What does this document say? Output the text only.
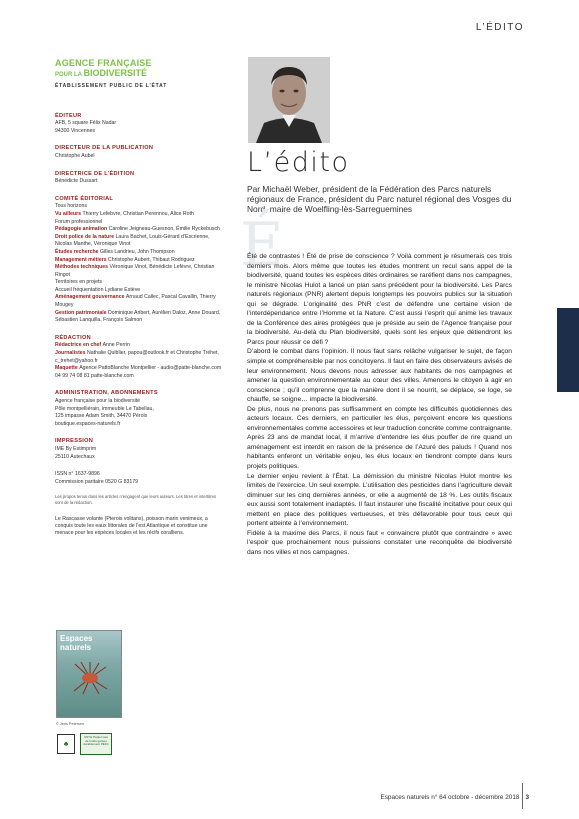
L’ÉDITO
AGENCE FRANÇAISE
POUR LA BIODIVERSITÉ
ÉTABLISSEMENT PUBLIC DE L’ÉTAT
ÉDITEUR
AFB, 5 square Félix Nadar
94300 Vincennes
DIRECTEUR DE LA PUBLICATION
Christophe Aubel
DIRECTRICE DE L’ÉDITION
Bénédicte Dussart
COMITÉ ÉDITORIAL
Tous horizons
Vu ailleurs Thierry Lefebvre, Christian Perennou, Alice Roth
Forum professionnel
Pédagogie animation Caroline Jeigneau-Guesnon, Émilie Ryckebusch
Droit police de la nature Laura Bachet, Louis-Gérard d’Escrienne, Nicolas Manthe, Véronique Vinot
Études recherche Gilles Landrieu, John Thompson
Management métiers Christophe Aubert, Thibaut Rodriguez
Méthodes techniques Véronique Vinot, Bénédicte Lefèvre, Christian Ringot
Territoires en projets
Accueil fréquentation Lydiane Estève
Aménagement gouvernance Arnaud Callec, Pascal Cavallin, Thierry Mougey
Gestion patrimoniale Dominique Aribert, Aurélien Daloz, Anne Douard, Sébastien Lanquilla, François Salmon
RÉDACTION
Rédactrice en chef Anne Perrin
Journalistes Nathalie Quiblier, papou@outlook.fr et Christophe Tréhet, c_trehet@yahoo.fr
Maquette Agence PattoBlanche Montpellier - audio@patte-blanche.com 04 99 74 08 81 patte-blanche.com
ADMINISTRATION, ABONNEMENTS
Agence française pour la biodiversité
Pôle montpelliérain, immeuble Le Tabellau,
125 impasse Adam Smith, 34470 Pérols
boutique.espaces-naturels.fr
IMPRESSION
IME By Estimprim
25110 Autechaux
ISSN n° 1637-9896
Commission paritaire 0520 G 83179
Les propos tenus dans les articles n’engagent que leurs auteurs. Les titres et intertitres sont de la rédaction.
Le Rascasse volante (Pterois volitans), poisson marin venimeux, a conquis toute les eaux littorales de l’est Atlantique et constitue une menace pour les espèces locales et les récifs coralliens.
Espaces naturels
© Jens Petersen
♣
ANTIL Papier issu de forêts gérées durablement PEFC
L’édito
Par Michaël Weber, président de la Fédération des Parcs naturels régionaux de France, président du Parc naturel régional des Vosges du Nord, maire de Woelfling-lès-Sarreguemines
É

Été de contrastes ! Été de prise de conscience ? Voilà comment je résumerais ces trois derniers mois. Alors même que toutes les études montrent un recul sans appel de la biodiversité, quand toutes les espèces dites ordinaires se raréfient dans nos campagnes, le ministre Nicolas Hulot a lancé un plan sans précédent pour la biodiversité. Les Parcs naturels régionaux (PNR) alertent depuis longtemps les pouvoirs publics sur la situation qui se dégrade. L’originalité des PNR c’est de défendre une certaine vision de l’interdépendance entre l’Homme et la Nature. C’est aussi l’esprit qui anime les travaux de la Conférence des aires protégées que je préside au sein de l’Agence française pour la biodiversité. Au-delà du Plan biodiversité, quels sont les enjeux que détiendront les Parcs pour réussir ce défi ?

D’abord le combat dans l’opinion. Il nous faut sans relâche vulgariser le sujet, de façon simple et compréhensible par nos concitoyens. Il faut en faire des observateurs avisés de leur environnement. Nous devons nous adresser aux habitants de nos campagnes et amener la question environnementale au cœur des villes. Amenons le citoyen à agir en conscience ; qu’il comprenne que la manière dont il se nourrit, se déplace, se loge, se chauffe, se soigne… impacte la biodiversité.

De plus, nous ne prenons pas suffisamment en compte les difficultés quotidiennes des acteurs locaux. Ces derniers, en particulier les élus, perçoivent encore les questions environnementales comme accessoires et leur traduction concrète comme contraignante. Après 23 ans de mandat local, il m’arrive d’entendre les élus pouffer de rire quand un aménagement est interdit en raison de la présence de l’Azuré des paluds ! Quand nos habitants enferont un véritable enjeu, les élus locaux en tiendront compte dans leurs projets politiques.

Le dernier enjeu revient à l’État. La démission du ministre Nicolas Hulot montre les limites de l’exercice. Un seul exemple. L’utilisation des pesticides dans l’agriculture devait diminuer sur les cinq dernières années, or elle a augmenté de 18 %. Les outils fiscaux eux aussi sont totalement inadaptés. Il faut instaurer une fiscalité incitative pour ceux qui mettent en place des politiques vertueuses, et très défavorable pour tous ceux qui portent atteinte à l’environnement.

Fidèle à la maxime des Parcs, il nous faut « convaincre plutôt que contraindre » avec l’espoir que prochainement nous puissions constater une reconquête de biodiversité dans nos villes et nos campagnes.

Espaces naturels n° 64 octobre - décembre 2018 3
